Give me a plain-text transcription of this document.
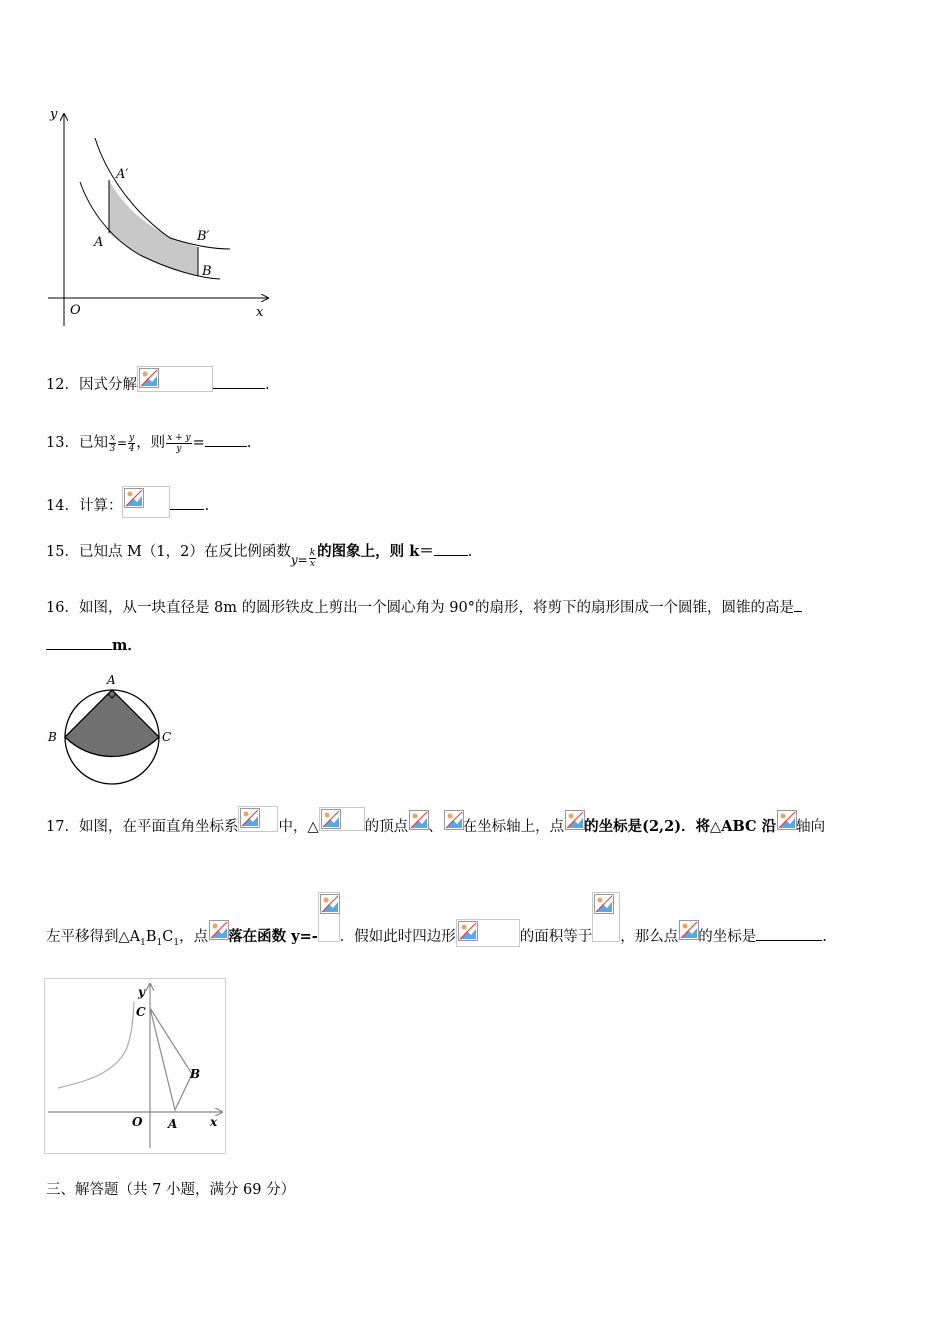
y
x
O
A′
A	B′
B
12．因式分解	.
13．已知 $\frac{x}{3} = \frac{y}{4}$ ，则 $\frac{x + y}{y}$ =	.
14．计算：	.
15．已知点 M（1，2）在反比例函数$_{y=} \frac{k}{x}$ 的图象上，则 k＝ .
16．如图，从一块直径是 8m 的圆形铁皮上剪出一个圆心角为 90°的扇形，将剪下的扇形围成一个圆锥，圆锥的高是
m．
A
B	C
17．如图，在平面直角坐标系	中，△	的顶点 、 在坐标轴上，点 的坐标是(2,2)．将△ABC 沿 轴向
左平移得到$\triangle A_1B_1C_1$，点 落在函数 y=- ．假如此时四边形	的面积等于 ，那么点 的坐标是	.
y
x
O A
B
C
三、解答题（共 7 小题，满分 69 分）
